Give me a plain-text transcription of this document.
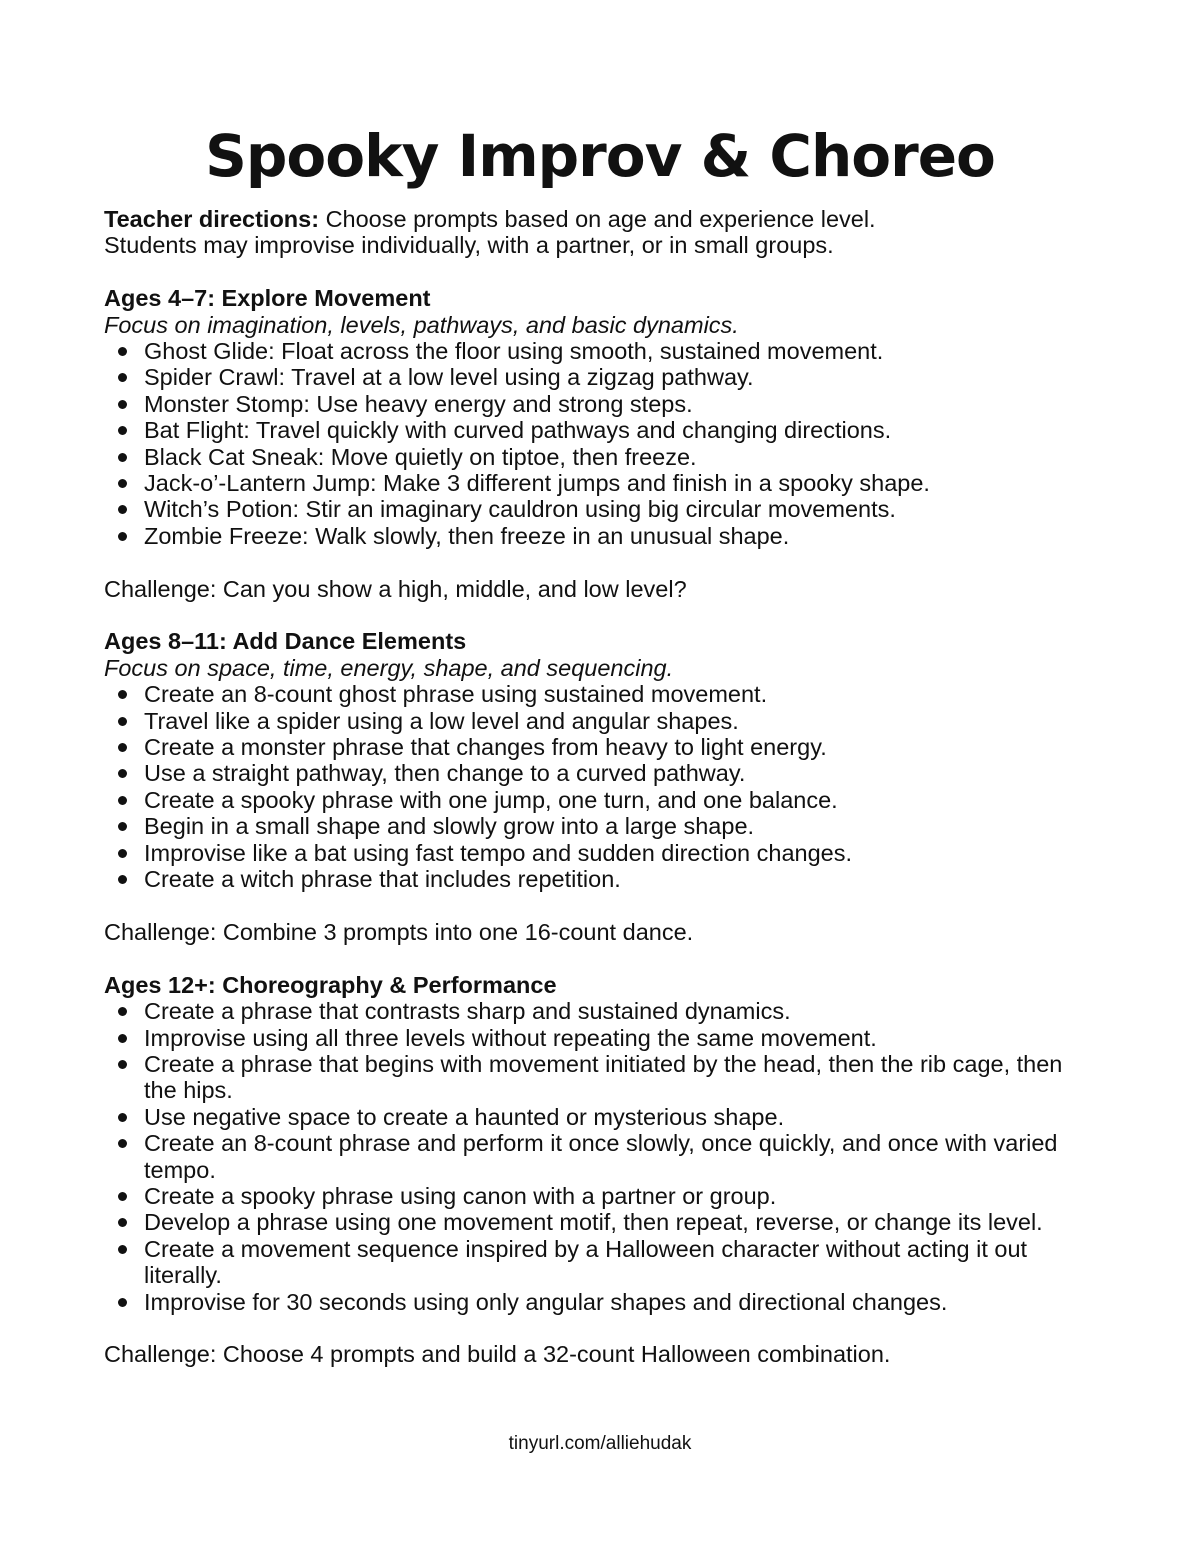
Spooky Improv & Choreo

Teacher directions: Choose prompts based on age and experience level.
Students may improvise individually, with a partner, or in small groups.

Ages 4–7: Explore Movement
Focus on imagination, levels, pathways, and basic dynamics.
Ghost Glide: Float across the floor using smooth, sustained movement.
Spider Crawl: Travel at a low level using a zigzag pathway.
Monster Stomp: Use heavy energy and strong steps.
Bat Flight: Travel quickly with curved pathways and changing directions.
Black Cat Sneak: Move quietly on tiptoe, then freeze.
Jack-o’-Lantern Jump: Make 3 different jumps and finish in a spooky shape.
Witch’s Potion: Stir an imaginary cauldron using big circular movements.
Zombie Freeze: Walk slowly, then freeze in an unusual shape.
Challenge: Can you show a high, middle, and low level?
Ages 8–11: Add Dance Elements
Focus on space, time, energy, shape, and sequencing.
Create an 8-count ghost phrase using sustained movement.
Travel like a spider using a low level and angular shapes.
Create a monster phrase that changes from heavy to light energy.
Use a straight pathway, then change to a curved pathway.
Create a spooky phrase with one jump, one turn, and one balance.
Begin in a small shape and slowly grow into a large shape.
Improvise like a bat using fast tempo and sudden direction changes.
Create a witch phrase that includes repetition.
Challenge: Combine 3 prompts into one 16-count dance.
Ages 12+: Choreography & Performance
Create a phrase that contrasts sharp and sustained dynamics.
Improvise using all three levels without repeating the same movement.
Create a phrase that begins with movement initiated by the head, then the rib cage, then the hips.
Use negative space to create a haunted or mysterious shape.
Create an 8-count phrase and perform it once slowly, once quickly, and once with varied tempo.
Create a spooky phrase using canon with a partner or group.
Develop a phrase using one movement motif, then repeat, reverse, or change its level.
Create a movement sequence inspired by a Halloween character without acting it out literally.
Improvise for 30 seconds using only angular shapes and directional changes.
Challenge: Choose 4 prompts and build a 32-count Halloween combination.
tinyurl.com/alliehudak
